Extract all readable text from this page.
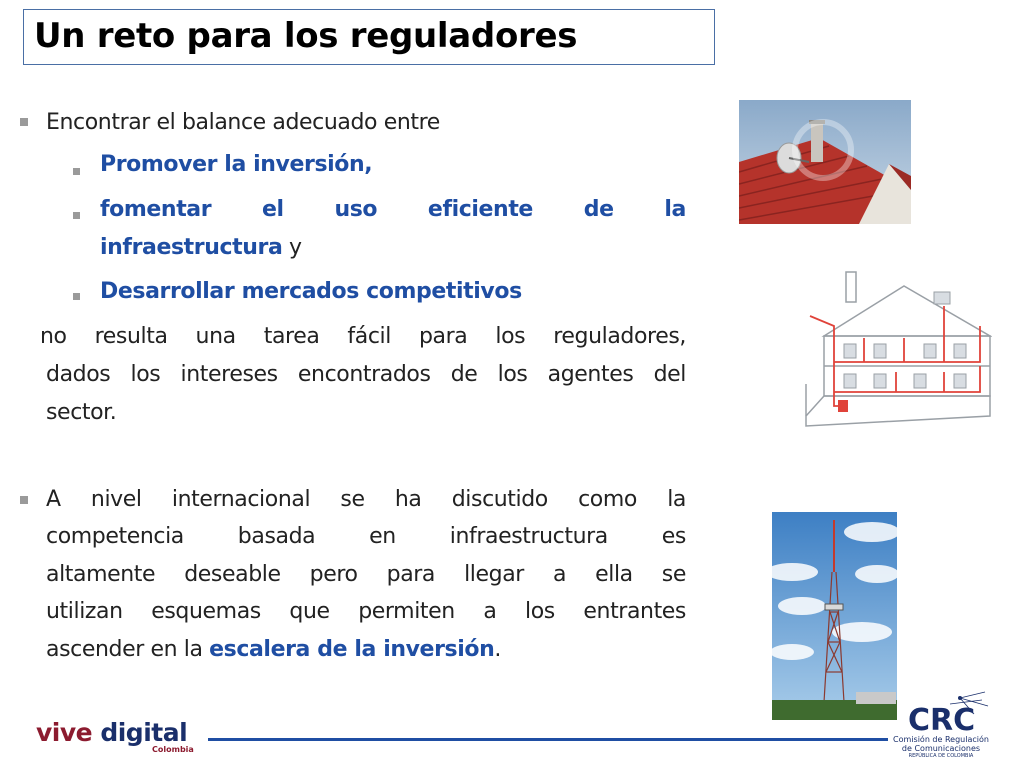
Un reto para los reguladores
Encontrar el balance adecuado entre
Promover la inversión,
fomentar el uso eficiente de la
infraestructura y
Desarrollar mercados competitivos
no resulta una tarea fácil para los reguladores,
dados los intereses encontrados de los agentes del
sector.
A nivel internacional se ha discutido como la
competencia basada en infraestructura es
altamente deseable pero para llegar a ella se
utilizan esquemas que permiten a los entrantes
ascender en la escalera de la inversión.
vive digital
Colombia
CRC
Comisión de Regulación
de Comunicaciones
REPÚBLICA DE COLOMBIA
